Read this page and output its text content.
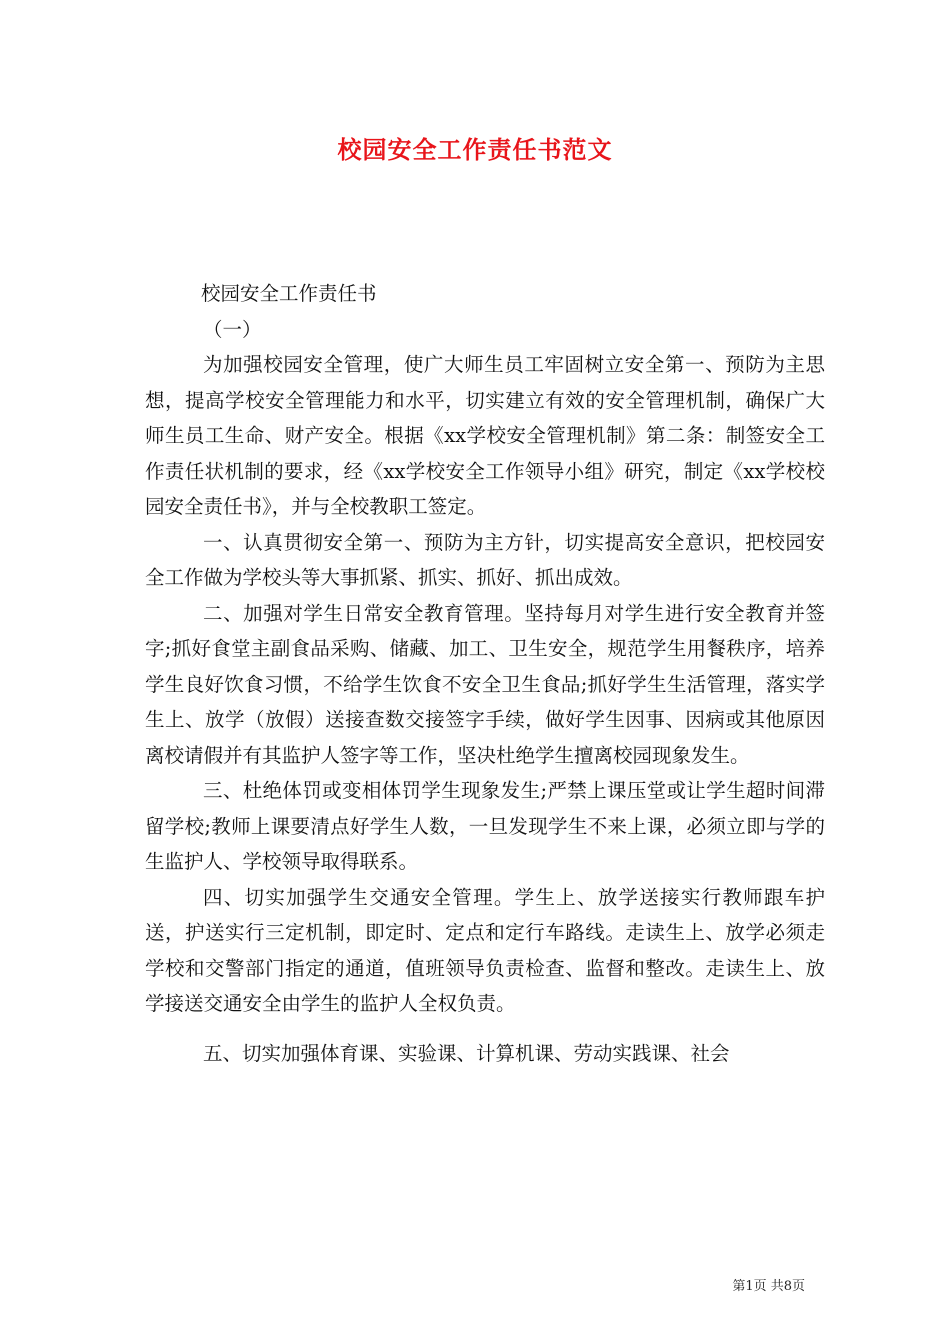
校园安全工作责任书范文

校园安全工作责任书

（一）

为加强校园安全管理，使广大师生员工牢固树立安全第一、预防为主思想，提高学校安全管理能力和水平，切实建立有效的安全管理机制，确保广大师生员工生命、财产安全。根据《xx学校安全管理机制》第二条：制签安全工作责任状机制的要求，经《xx学校安全工作领导小组》研究，制定《xx学校校园安全责任书》，并与全校教职工签定。

一、认真贯彻安全第一、预防为主方针，切实提高安全意识，把校园安全工作做为学校头等大事抓紧、抓实、抓好、抓出成效。

二、加强对学生日常安全教育管理。坚持每月对学生进行安全教育并签字;抓好食堂主副食品采购、储藏、加工、卫生安全，规范学生用餐秩序，培养学生良好饮食习惯，不给学生饮食不安全卫生食品;抓好学生生活管理，落实学生上、放学（放假）送接查数交接签字手续，做好学生因事、因病或其他原因离校请假并有其监护人签字等工作，坚决杜绝学生擅离校园现象发生。

三、杜绝体罚或变相体罚学生现象发生;严禁上课压堂或让学生超时间滞留学校;教师上课要清点好学生人数，一旦发现学生不来上课，必须立即与学的生监护人、学校领导取得联系。

四、切实加强学生交通安全管理。学生上、放学送接实行教师跟车护送，护送实行三定机制，即定时、定点和定行车路线。走读生上、放学必须走学校和交警部门指定的通道，值班领导负责检查、监督和整改。走读生上、放学接送交通安全由学生的监护人全权负责。

五、切实加强体育课、实验课、计算机课、劳动实践课、社会

第1页 共8页
